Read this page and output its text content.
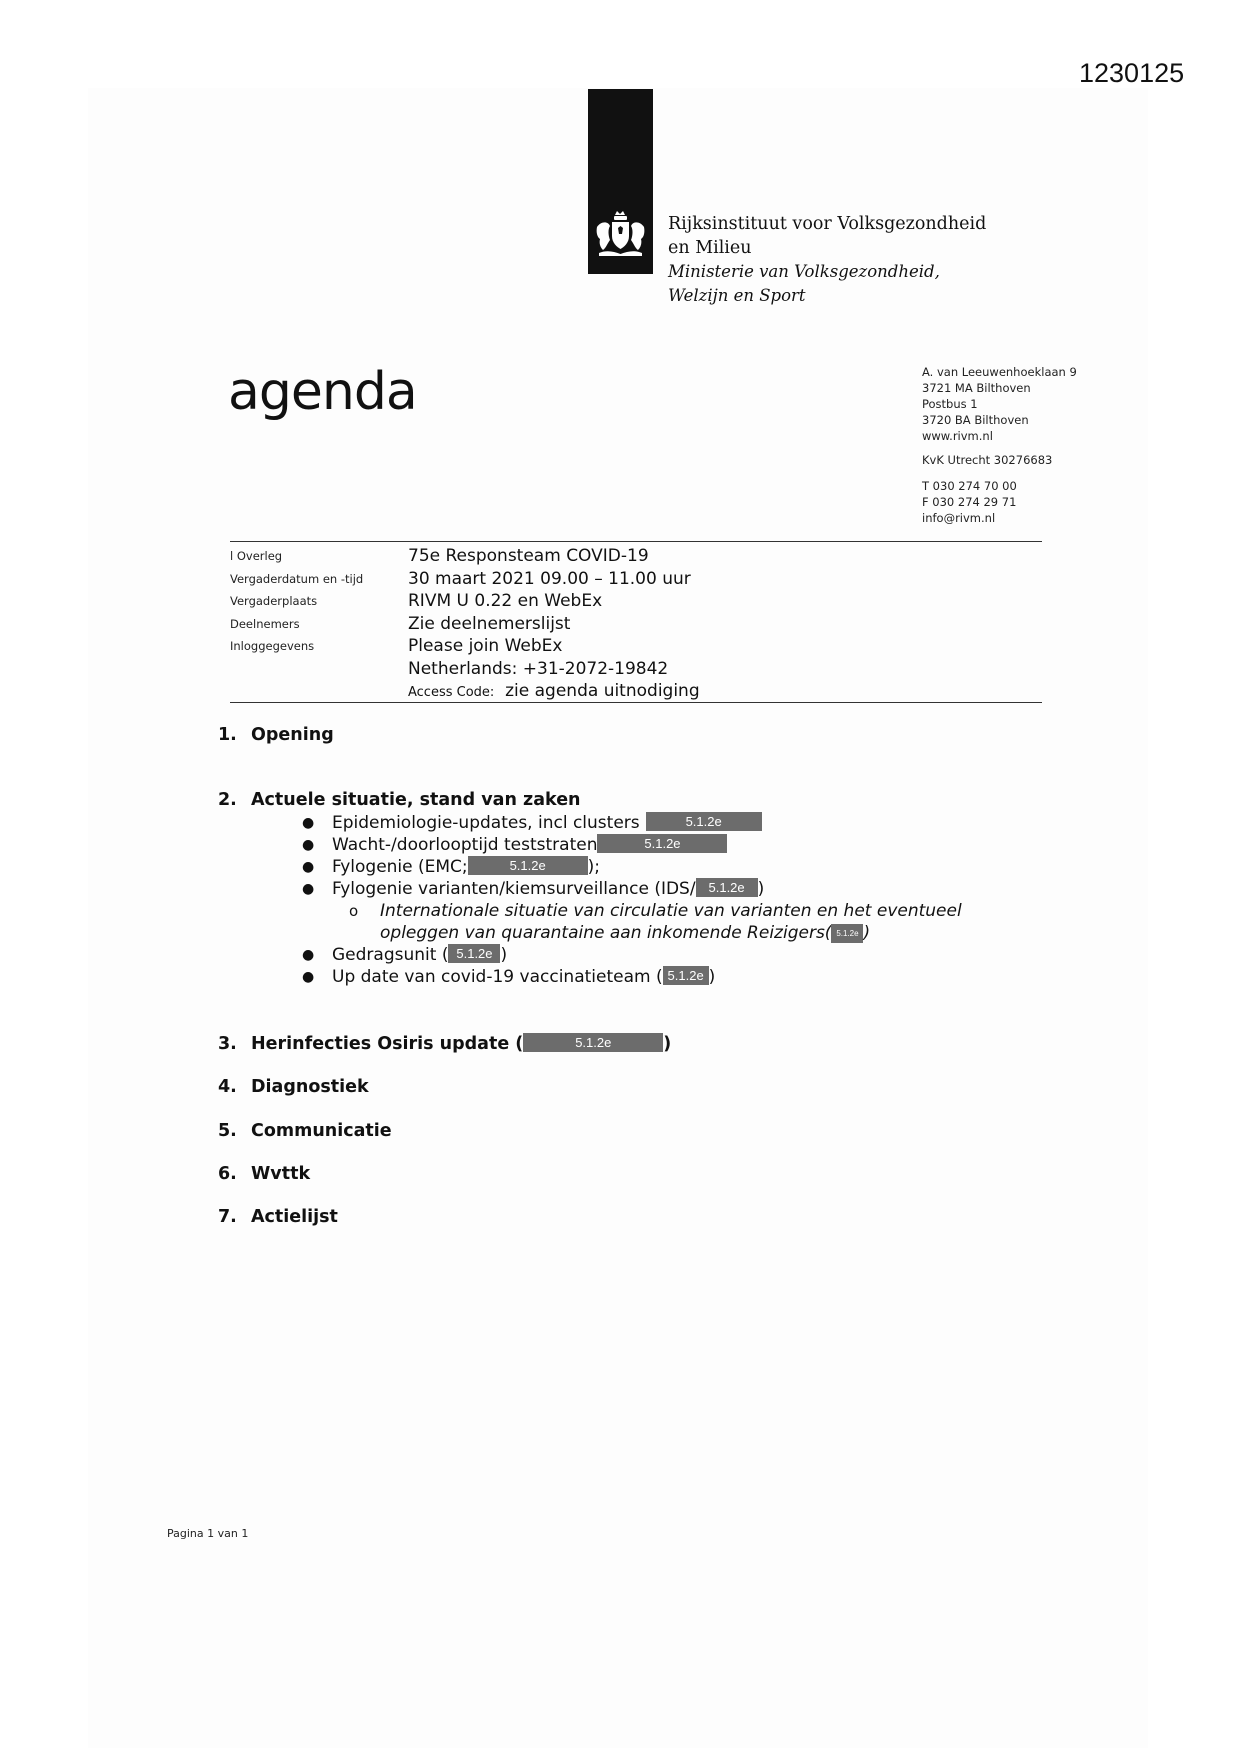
1230125
Rijksinstituut voor Volksgezondheid
en Milieu
Ministerie van Volksgezondheid,
Welzijn en Sport
agenda	A. van Leeuwenhoeklaan 9
3721 MA Bilthoven
Postbus 1
3720 BA Bilthoven
www.rivm.nl
KvK Utrecht 30276683
T 030 274 70 00
F 030 274 29 71
info@rivm.nl
l Overleg	75e Responsteam COVID-19
Vergaderdatum en -tijd	30 maart 2021 09.00 – 11.00 uur
Vergaderplaats	RIVM U 0.22 en WebEx
Deelnemers	Zie deelnemerslijst
Inloggegevens	Please join WebEx
Netherlands: +31-2072-19842
Access Code: zie agenda uitnodiging
1. Opening
2. Actuele situatie, stand van zaken
● Epidemiologie-updates, incl clusters	5.1.2e
● Wacht-/doorlooptijd teststraten	5.1.2e
● Fylogenie (EMC;	5.1.2e );
● Fylogenie varianten/kiemsurveillance (IDS/ 5.1.2e )
o Internationale situatie van circulatie van varianten en het eventueel
opleggen van quarantaine aan inkomende Reizigers( 5.1.2e )
● Gedragsunit ( 5.1.2e )
● Up date van covid-19 vaccinatieteam ( 5.1.2e )
3. Herinfecties Osiris update (	5.1.2e	)
4. Diagnostiek
5. Communicatie
6. Wvttk
7. Actielijst
Pagina 1 van 1
